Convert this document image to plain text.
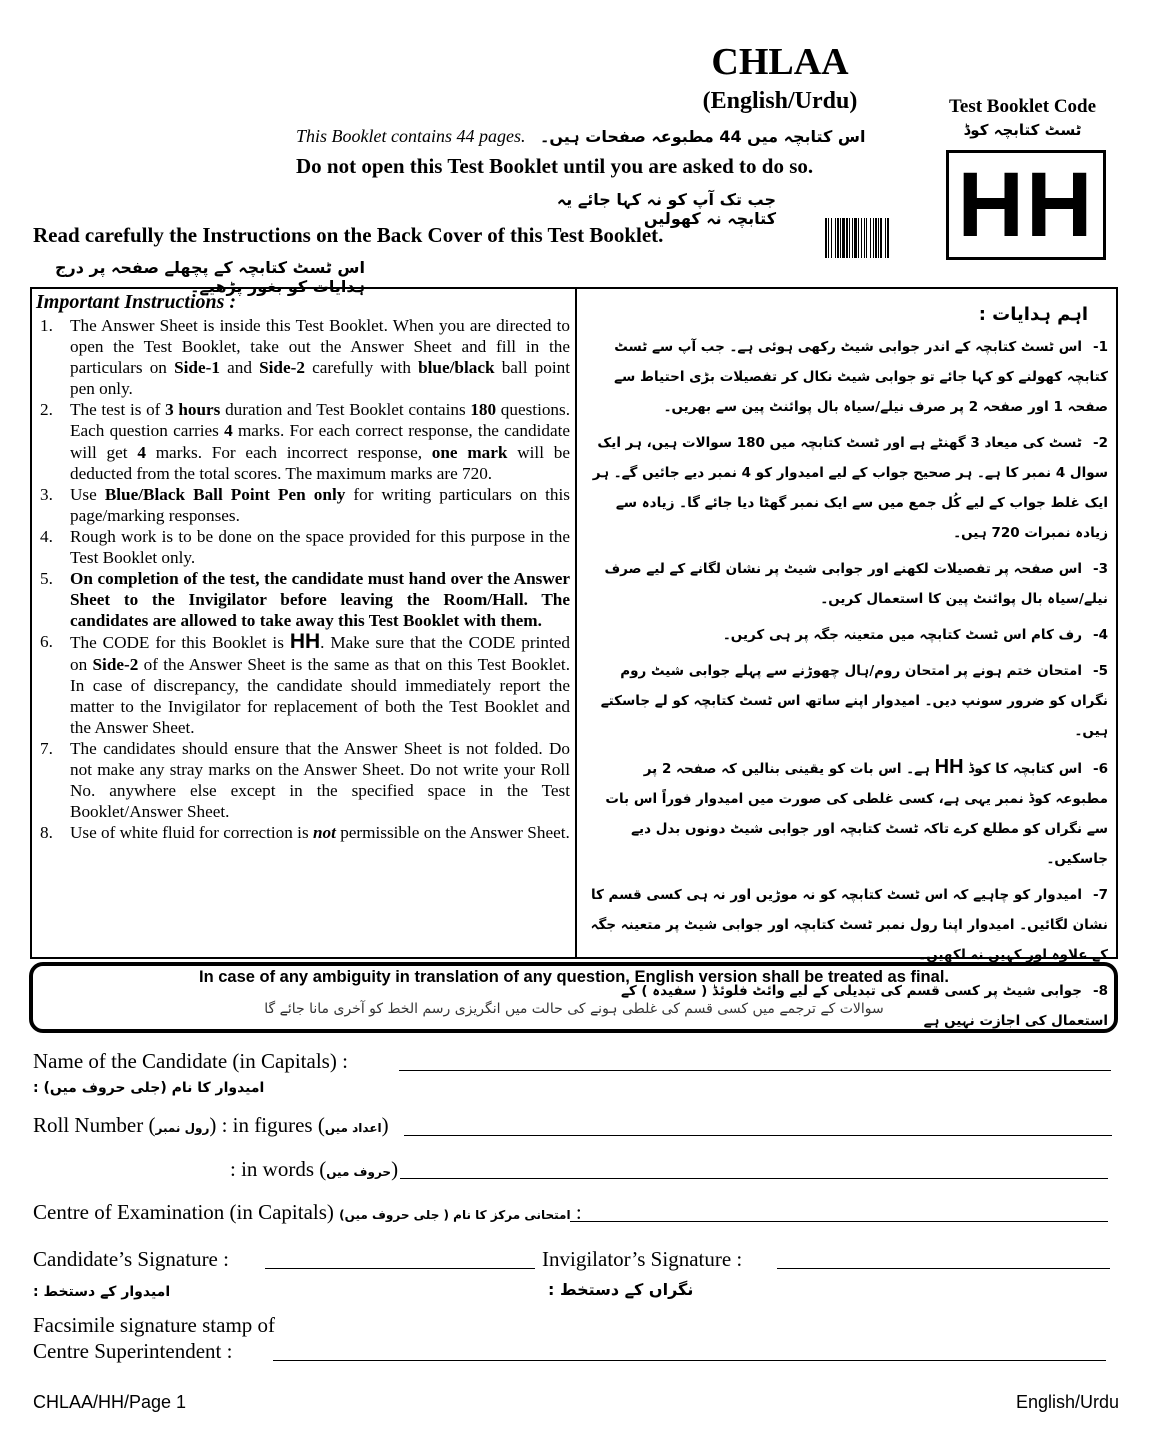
CHLAA
(English/Urdu)	Test Booklet Code
ٹسٹ کتابچہ کوڈ
HH
This Booklet contains 44 pages. اس کتابچہ میں 44 مطبوعہ صفحات ہیں۔
Do not open this Test Booklet until you are asked to do so.
جب تک آپ کو نہ کہا جائے یہ کتابچہ نہ کھولیں
Read carefully the Instructions on the Back Cover of this Test Booklet.
اس ٹسٹ کتابچہ کے پچھلے صفحہ پر درج ہدایات کو بغور پڑھیے۔
Important Instructions :
1. The Answer Sheet is inside this Test Booklet. When you are directed to open the Test Booklet, take out the Answer Sheet and fill in the particulars on Side-1 and Side-2 carefully with blue/black ball point pen only.
2. The test is of 3 hours duration and Test Booklet contains 180 questions. Each question carries 4 marks. For each correct response, the candidate will get 4 marks. For each incorrect response, one mark will be deducted from the total scores. The maximum marks are 720.
3. Use Blue/Black Ball Point Pen only for writing particulars on this page/marking responses.
4. Rough work is to be done on the space provided for this purpose in the Test Booklet only.
5. On completion of the test, the candidate must hand over the Answer Sheet to the Invigilator before leaving the Room/Hall. The candidates are allowed to take away this Test Booklet with them.
6. The CODE for this Booklet is HH. Make sure that the CODE printed on Side-2 of the Answer Sheet is the same as that on this Test Booklet. In case of discrepancy, the candidate should immediately report the matter to the Invigilator for replacement of both the Test Booklet and the Answer Sheet.
7. The candidates should ensure that the Answer Sheet is not folded. Do not make any stray marks on the Answer Sheet. Do not write your Roll No. anywhere else except in the specified space in the Test Booklet/Answer Sheet.
8. Use of white fluid for correction is not permissible on the Answer Sheet.
اہم ہدایات :
1-اس ٹسٹ کتابچہ کے اندر جوابی شیٹ رکھی ہوئی ہے۔ جب آپ سے ٹسٹ کتابچہ کھولنے کو کہا جائے تو جوابی شیٹ نکال کر تفصیلات بڑی احتیاط سے صفحہ 1 اور صفحہ 2 پر صرف نیلے/سیاہ بال پوائنٹ پین سے بھریں۔
2-ٹسٹ کی میعاد 3 گھنٹے ہے اور ٹسٹ کتابچہ میں 180 سوالات ہیں، ہر ایک سوال 4 نمبر کا ہے۔ ہر صحیح جواب کے لیے امیدوار کو 4 نمبر دیے جائیں گے۔ ہر ایک غلط جواب کے لیے کُل جمع میں سے ایک نمبر گھٹا دیا جائے گا۔ زیادہ سے زیادہ نمبرات 720 ہیں۔
3-اس صفحہ پر تفصیلات لکھنے اور جوابی شیٹ پر نشان لگانے کے لیے صرف نیلے/سیاہ بال پوائنٹ پین کا استعمال کریں۔
4-رف کام اس ٹسٹ کتابچہ میں متعینہ جگہ پر ہی کریں۔
5-امتحان ختم ہونے پر امتحان روم/ہال چھوڑنے سے پہلے جوابی شیٹ روم نگراں کو ضرور سونپ دیں۔ امیدوار اپنے ساتھ اس ٹسٹ کتابچہ کو لے جاسکتے ہیں۔
6-اس کتابچہ کا کوڈ HH ہے۔ اس بات کو یقینی بنالیں کہ صفحہ 2 پر مطبوعہ کوڈ نمبر یہی ہے، کسی غلطی کی صورت میں امیدوار فوراً اس بات سے نگراں کو مطلع کرے تاکہ ٹسٹ کتابچہ اور جوابی شیٹ دونوں بدل دیے جاسکیں۔
7-امیدوار کو چاہیے کہ اس ٹسٹ کتابچہ کو نہ موڑیں اور نہ ہی کسی قسم کا نشان لگائیں۔ امیدوار اپنا رول نمبر ٹسٹ کتابچہ اور جوابی شیٹ پر متعینہ جگہ کے علاوہ اور کہیں نہ لکھیں۔
8-جوابی شیٹ پر کسی قسم کی تبدیلی کے لیے وائٹ فلوئڈ ( سفیدہ ) کے استعمال کی اجازت نہیں ہے
In case of any ambiguity in translation of any question, English version shall be treated as final.
سوالات کے ترجمے میں کسی قسم کی غلطی ہونے کی حالت میں انگریزی رسم الخط کو آخری مانا جائے گا
Name of the Candidate (in Capitals) :
امیدوار کا نام (جلی حروف میں) :
Roll Number (رول نمبر) : in figures (اعداد میں)
: in words (حروف میں)
Centre of Examination (in Capitals) امتحانی مرکز کا نام ( جلی حروف میں) :
Candidate’s Signature :	Invigilator’s Signature :
امیدوار کے دستخط :	نگراں کے دستخط :
Facsimile signature stamp of
Centre Superintendent :
CHLAA/HH/Page 1	English/Urdu
